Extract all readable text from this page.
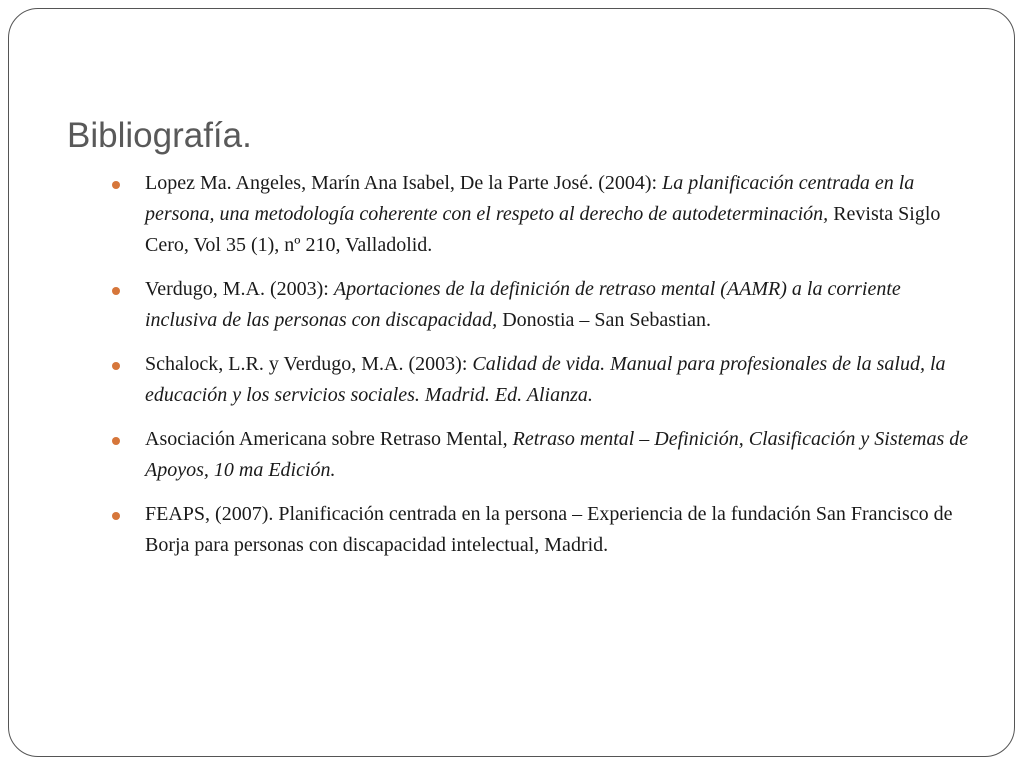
Bibliografía.
Lopez Ma. Angeles, Marín Ana Isabel, De la Parte José. (2004): La planificación centrada en la persona, una metodología coherente con el respeto al derecho de autodeterminación, Revista Siglo Cero, Vol 35 (1), nº 210, Valladolid.
Verdugo, M.A. (2003): Aportaciones de la definición de retraso mental (AAMR) a la corriente inclusiva de las personas con discapacidad, Donostia – San Sebastian.
Schalock, L.R. y Verdugo, M.A. (2003): Calidad de vida. Manual para profesionales de la salud, la educación y los servicios sociales. Madrid. Ed. Alianza.
Asociación Americana sobre Retraso Mental, Retraso mental – Definición, Clasificación y Sistemas de Apoyos, 10 ma Edición.
FEAPS, (2007). Planificación centrada en la persona – Experiencia de la fundación San Francisco de Borja para personas con discapacidad intelectual, Madrid.
